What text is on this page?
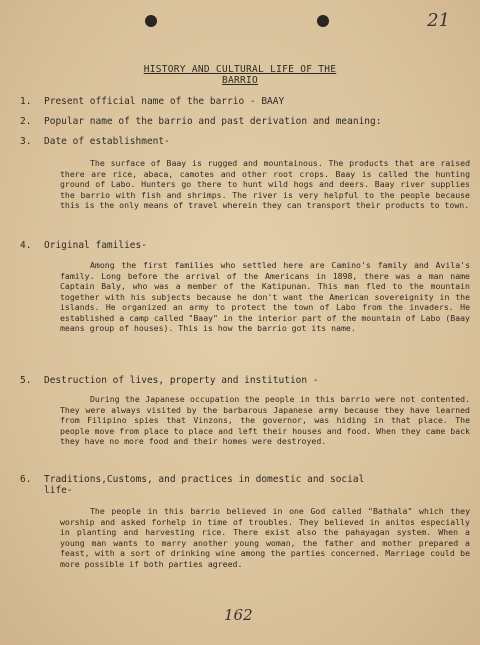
21
HISTORY AND CULTURAL LIFE OF THE
BARRIO
1. Present official name of the barrio - BAAY
2. Popular name of the barrio and past derivation and meaning:
3. Date of establishment-
The surface of Baay is rugged and mountainous. The products that are raised there are rice, abaca, camotes and other root crops. Baay is called the hunting ground of Labo. Hunters go there to hunt wild hogs and deers. Baay river supplies the barrio with fish and shrimps. The river is very helpful to the people because this is the only means of travel wherein they can transport their products to town.
4. Original families-
Among the first families who settled here are Camino's family and Avila's family. Long before the arrival of the Americans in 1898, there was a man name Captain Baly, who was a member of the Katipunan. This man fled to the mountain together with his subjects because he don't want the American sovereignity in the islands. He organized an army to protect the town of Labo from the invaders. He established a camp called "Baay" in the interior part of the mountain of Labo (Baay means group of houses). This is how the barrio got its name.
5. Destruction of lives, property and institution -
During the Japanese occupation the people in this barrio were not contented. They were always visited by the barbarous Japanese army because they have learned from Filipino spies that Vinzons, the governor, was hiding in that place. The people move from place to place and left their houses and food. When they came back they have no more food and their homes were destroyed.
6. Traditions,Customs, and practices in domestic and social
life-
The people in this barrio believed in one God called "Bathala" which they worship and asked forhelp in time of troubles. They believed in anitos especially in planting and harvesting rice. There exist also the pahayagan system. When a young man wants to marry another young woman, the father and mother prepared a feast, with a sort of drinking wine among the parties concerned. Marriage could be more possible if both parties agreed.
162
